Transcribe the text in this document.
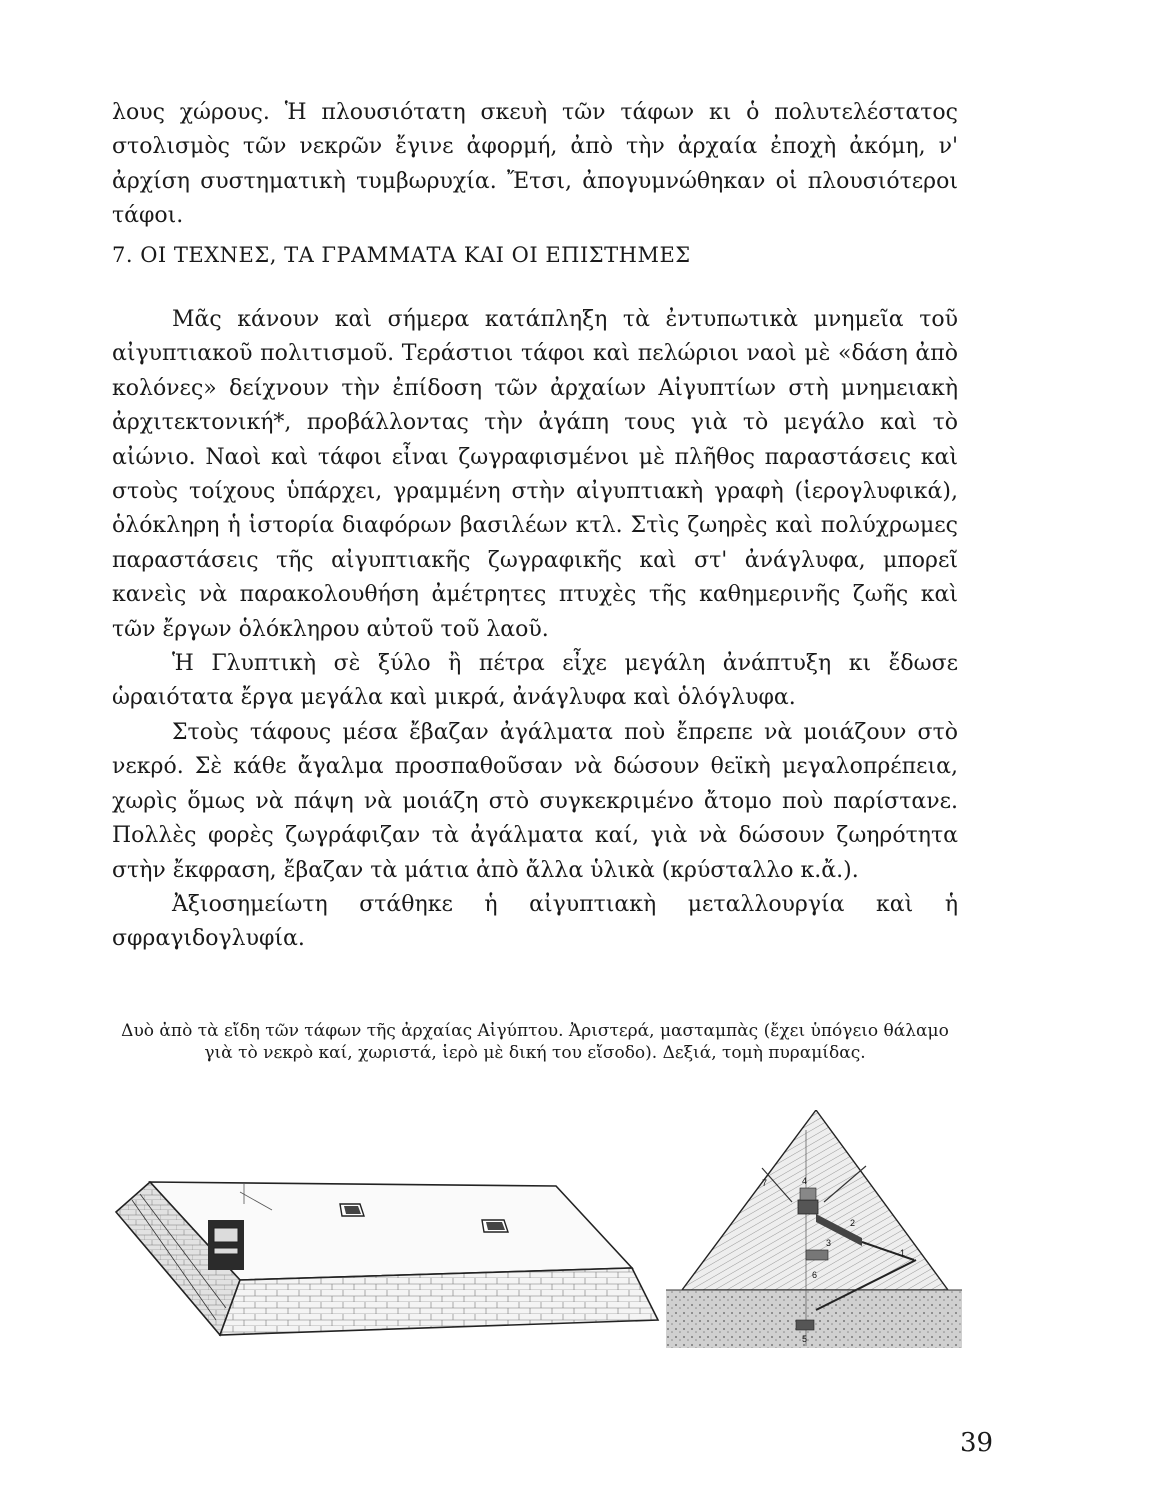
λους χώρους. Ἡ πλουσιότατη σκευὴ τῶν τάφων κι ὁ πολυτελέστατος στολισμὸς τῶν νεκρῶν ἔγινε ἀφορμή, ἀπὸ τὴν ἀρχαία ἐποχὴ ἀκόμη, ν' ἀρχίση συστηματικὴ τυμβωρυχία. Ἔτσι, ἀπογυμνώθηκαν οἱ πλουσιότεροι τάφοι.

7. ΟΙ ΤΕΧΝΕΣ, ΤΑ ΓΡΑΜΜΑΤΑ ΚΑΙ ΟΙ ΕΠΙΣΤΗΜΕΣ

Μᾶς κάνουν καὶ σήμερα κατάπληξη τὰ ἐντυπωτικὰ μνημεῖα τοῦ αἰγυπτιακοῦ πολιτισμοῦ. Τεράστιοι τάφοι καὶ πελώριοι ναοὶ μὲ «δάση ἀπὸ κολόνες» δείχνουν τὴν ἐπίδοση τῶν ἀρχαίων Αἰγυπτίων στὴ μνημειακὴ ἀρχιτεκτονική*, προβάλλοντας τὴν ἀγάπη τους γιὰ τὸ μεγάλο καὶ τὸ αἰώνιο. Ναοὶ καὶ τάφοι εἶναι ζωγραφισμένοι μὲ πλῆθος παραστάσεις καὶ στοὺς τοίχους ὑπάρχει, γραμμένη στὴν αἰγυπτιακὴ γραφὴ (ἱερογλυφικά), ὁλόκληρη ἡ ἱστορία διαφόρων βασιλέων κτλ. Στὶς ζωηρὲς καὶ πολύχρωμες παραστάσεις τῆς αἰγυπτιακῆς ζωγραφικῆς καὶ στ' ἀνάγλυφα, μπορεῖ κανεὶς νὰ παρακολουθήση ἀμέτρητες πτυχὲς τῆς καθημερινῆς ζωῆς καὶ τῶν ἔργων ὁλόκληρου αὐτοῦ τοῦ λαοῦ.

Ἡ Γλυπτικὴ σὲ ξύλο ἢ πέτρα εἶχε μεγάλη ἀνάπτυξη κι ἔδωσε ὡραιότατα ἔργα μεγάλα καὶ μικρά, ἀνάγλυφα καὶ ὁλόγλυφα.

Στοὺς τάφους μέσα ἔβαζαν ἀγάλματα ποὺ ἔπρεπε νὰ μοιάζουν στὸ νεκρό. Σὲ κάθε ἄγαλμα προσπαθοῦσαν νὰ δώσουν θεϊκὴ μεγαλοπρέπεια, χωρὶς ὅμως νὰ πάψη νὰ μοιάζη στὸ συγκεκριμένο ἄτομο ποὺ παρίστανε. Πολλὲς φορὲς ζωγράφιζαν τὰ ἀγάλματα καί, γιὰ νὰ δώσουν ζωηρότητα στὴν ἔκφραση, ἔβαζαν τὰ μάτια ἀπὸ ἄλλα ὑλικὰ (κρύσταλλο κ.ἄ.).

Ἀξιοσημείωτη στάθηκε ἡ αἰγυπτιακὴ μεταλλουργία καὶ ἡ σφραγιδογλυφία.

Δυὸ ἀπὸ τὰ εἴδη τῶν τάφων τῆς ἀρχαίας Αἰγύπτου. Ἀριστερά, μασταμπὰς (ἔχει ὑπόγειο θάλαμο γιὰ τὸ νεκρὸ καί, χωριστά, ἱερὸ μὲ δική του εἴσοδο). Δεξιά, τομὴ πυραμίδας.
7	4
2
3
6
5
1
39
